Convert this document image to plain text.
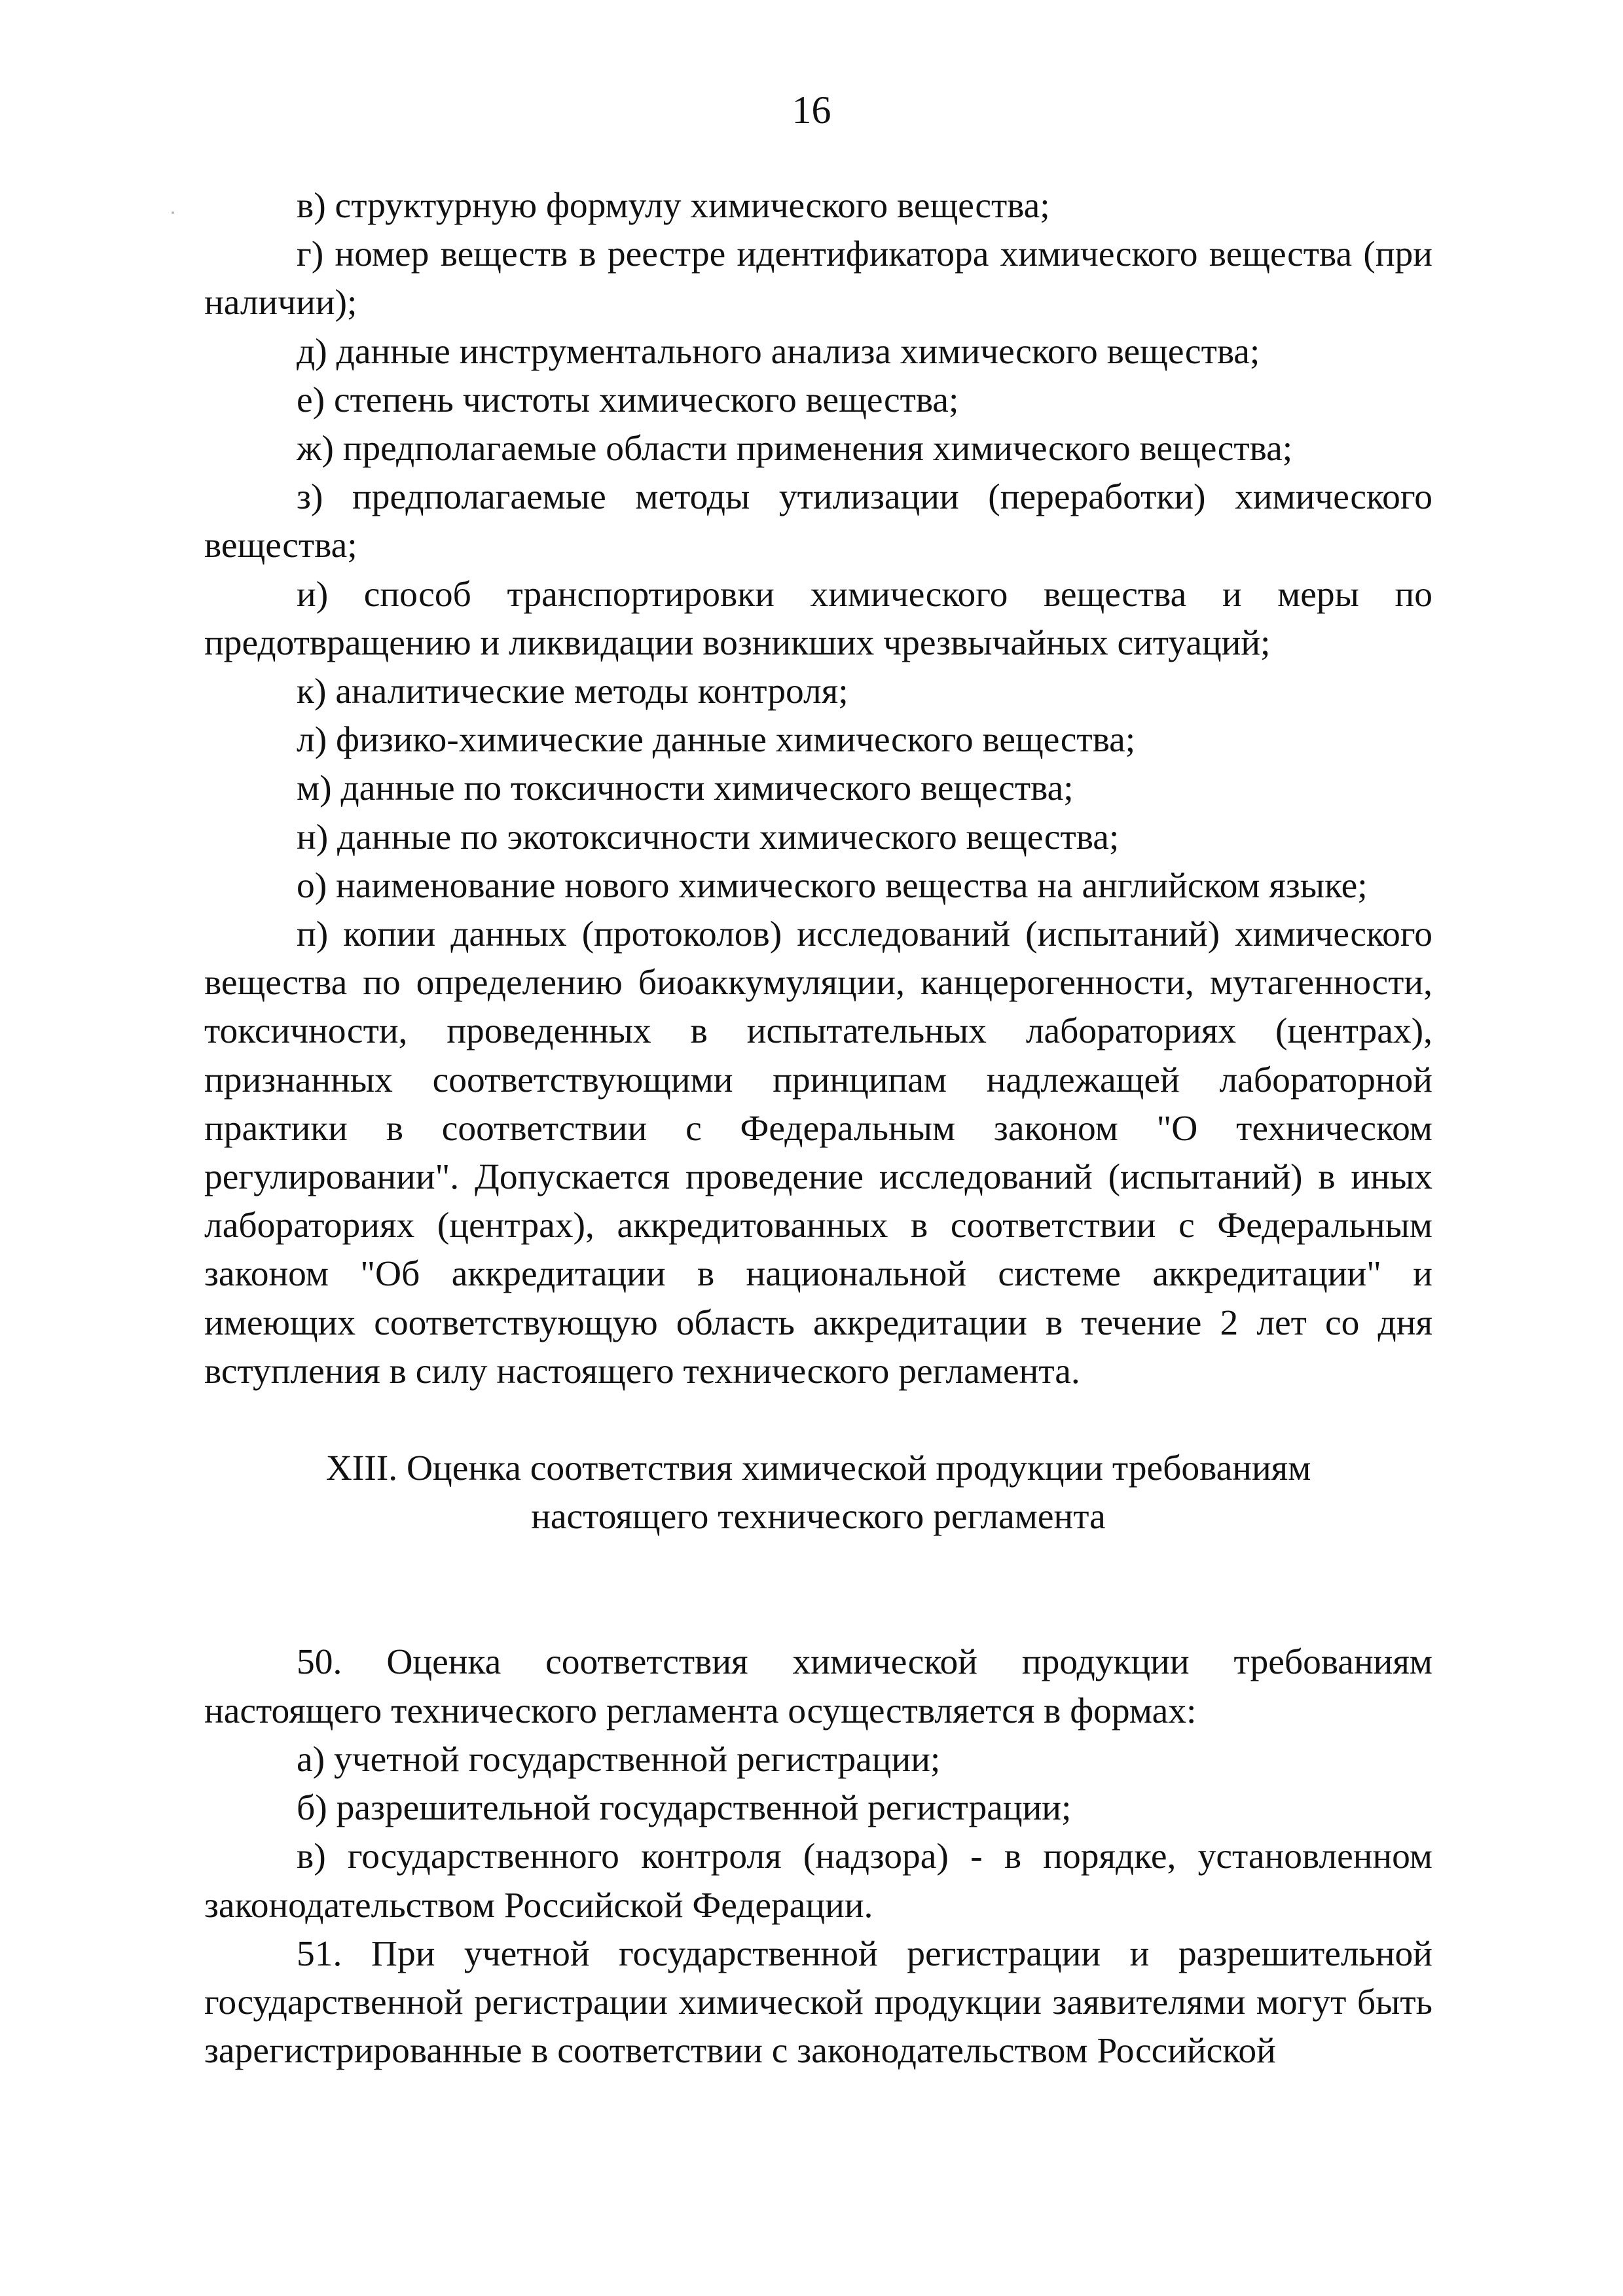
16

в) структурную формулу химического вещества;

г) номер веществ в реестре идентификатора химического вещества (при наличии);

д) данные инструментального анализа химического вещества;

е) степень чистоты химического вещества;

ж) предполагаемые области применения химического вещества;

з) предполагаемые методы утилизации (переработки) химического вещества;

и) способ транспортировки химического вещества и меры по предотвращению и ликвидации возникших чрезвычайных ситуаций;

к) аналитические методы контроля;

л) физико-химические данные химического вещества;

м) данные по токсичности химического вещества;

н) данные по экотоксичности химического вещества;

о) наименование нового химического вещества на английском языке;

п) копии данных (протоколов) исследований (испытаний) химического вещества по определению биоаккумуляции, канцерогенности, мутагенности, токсичности, проведенных в испытательных лабораториях (центрах), признанных соответствующими принципам надлежащей лабораторной практики в соответствии с Федеральным законом "О техническом регулировании". Допускается проведение исследований (испытаний) в иных лабораториях (центрах), аккредитованных в соответствии с Федеральным законом "Об аккредитации в национальной системе аккредитации" и имеющих соответствующую область аккредитации в течение 2 лет со дня вступления в силу настоящего технического регламента.

XIII. Оценка соответствия химической продукции требованиям
настоящего технического регламента

50. Оценка соответствия химической продукции требованиям настоящего технического регламента осуществляется в формах:

а) учетной государственной регистрации;

б) разрешительной государственной регистрации;

в) государственного контроля (надзора) - в порядке, установленном законодательством Российской Федерации.

51. При учетной государственной регистрации и разрешительной государственной регистрации химической продукции заявителями могут быть зарегистрированные в соответствии с законодательством Российской
